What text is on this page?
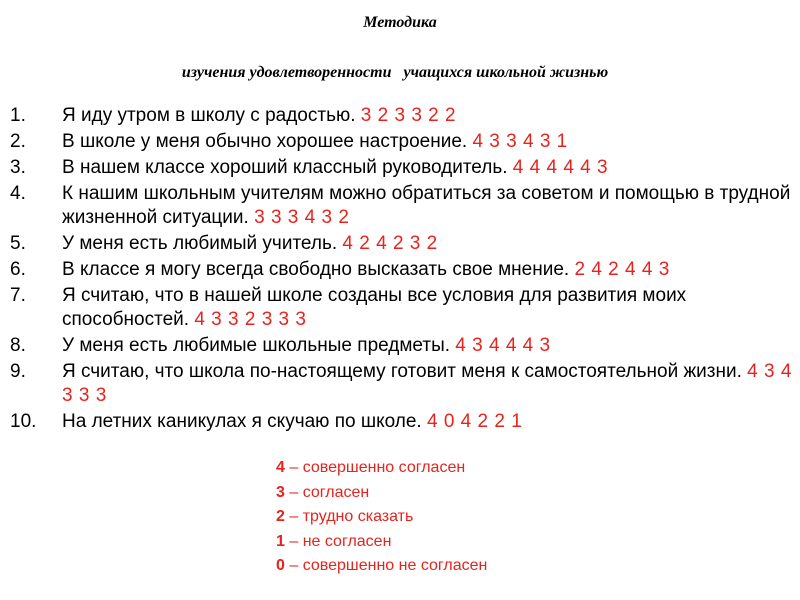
Методика
изучения удовлетворенности   учащихся школьной жизнью
1.	Я иду утром в школу с радостью. 3 2 3 3 2 2
2.	В школе у меня обычно хорошее настроение. 4 3 3 4 3 1
3.	В нашем классе хороший классный руководитель. 4 4 4 4 4 3
4.	К нашим школьным учителям можно обратиться за советом и помощью в трудной жизненной ситуации. 3 3 3 4 3 2
5.	У меня есть любимый учитель. 4 2 4 2 3 2
6.	В классе я могу всегда свободно высказать свое мнение. 2 4 2 4 4 3
7.	Я считаю, что в нашей школе созданы все условия для развития моих способностей. 4 3 3 2 3 3 3
8.	У меня есть любимые школьные предметы. 4 3 4 4 4 3
9.	Я считаю, что школа по-настоящему готовит меня к самостоятельной жизни. 4 3 4 3 3 3
10.	На летних каникулах я скучаю по школе. 4 0 4 2 2 1
4 – совершенно согласен
3 – согласен
2 – трудно сказать
1 – не согласен
0 – совершенно не согласен
